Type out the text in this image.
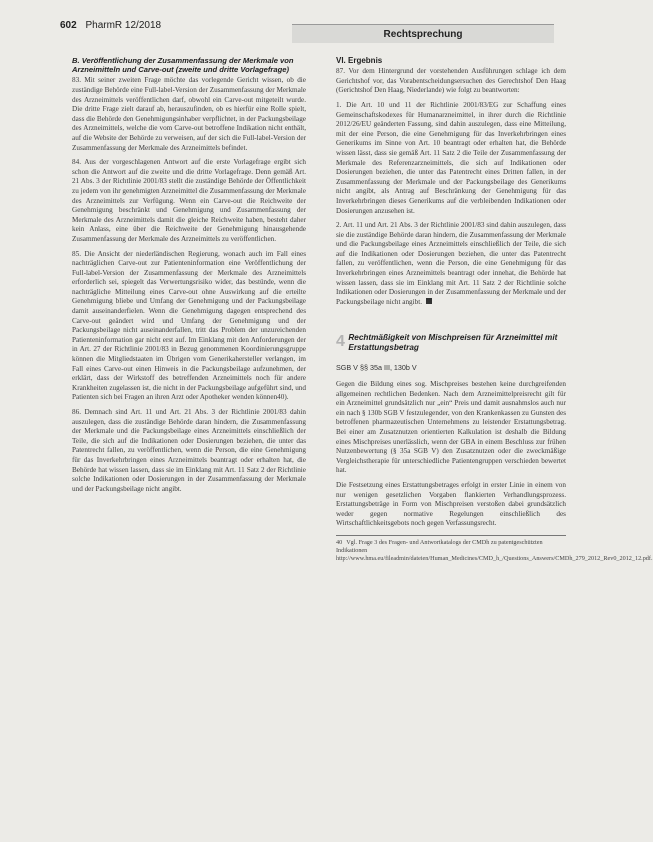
602 PharmR 12/2018
Rechtsprechung
B. Veröffentlichung der Zusammenfassung der Merkmale von Arzneimitteln und Carve-out (zweite und dritte Vorlagefrage)

83. Mit seiner zweiten Frage möchte das vorlegende Gericht wissen, ob die zuständige Behörde eine Full-label-Version der Zusammenfassung der Merkmale des Arzneimittels veröffentlichen darf, obwohl ein Carve-out mitgeteilt wurde. Die dritte Frage zielt darauf ab, herauszufinden, ob es hierfür eine Rolle spielt, dass die Behörde den Genehmigungsinhaber verpflichtet, in der Packungsbeilage des Arzneimittels, welche die vom Carve-out betroffene Indikation nicht enthält, auf die Website der Behörde zu verweisen, auf der sich die Full-label-Version der Zusammenfassung der Merkmale des Arzneimittels befindet.

84. Aus der vorgeschlagenen Antwort auf die erste Vorlagefrage ergibt sich schon die Antwort auf die zweite und die dritte Vorlagefrage. Denn gemäß Art. 21 Abs. 3 der Richtlinie 2001/83 stellt die zuständige Behörde der Öffentlichkeit zu jedem von ihr genehmigten Arzneimittel die Zusammenfassung der Merkmale des Arzneimittels zur Verfügung. Wenn ein Carve-out die Reichweite der Genehmigung beschränkt und Genehmigung und Zusammenfassung der Merkmale des Arzneimittels damit die gleiche Reichweite haben, besteht daher kein Anlass, eine über die Reichweite der Genehmigung hinausgehende Zusammenfassung der Merkmale des Arzneimittels zu veröffentlichen.

85. Die Ansicht der niederländischen Regierung, wonach auch im Fall eines nachträglichen Carve-out zur Patienteninformation eine Veröffentlichung der Full-label-Version der Zusammenfassung der Merkmale des Arzneimittels erforderlich sei, spiegelt das Verwertungsrisiko wider, das bestünde, wenn die nachträgliche Mitteilung eines Carve-out ohne Auswirkung auf die erteilte Genehmigung bliebe und Umfang der Genehmigung und der Packungsbeilage damit auseinanderfielen. Wenn die Genehmigung dagegen entsprechend des Carve-out geändert wird und Umfang der Genehmigung und der Packungsbeilage nicht auseinanderfallen, tritt das Problem der unzureichenden Patienteninformation gar nicht erst auf. Im Einklang mit den Anforderungen der in Art. 27 der Richtlinie 2001/83 in Bezug genommenen Koordinierungsgruppe können die Mitgliedstaaten im Übrigen vom Generikahersteller verlangen, im Fall eines Carve-out einen Hinweis in die Packungsbeilage aufzunehmen, der erklärt, dass der Wirkstoff des betreffenden Arzneimittels noch für andere Krankheiten zugelassen ist, die nicht in der Packungsbeilage aufgeführt sind, und Patienten sich bei Fragen an ihren Arzt oder Apotheker wenden können40).

86. Demnach sind Art. 11 und Art. 21 Abs. 3 der Richtlinie 2001/83 dahin auszulegen, dass die zuständige Behörde daran hindern, die Zusammenfassung der Merkmale und die Packungsbeilage eines Arzneimittels einschließlich der Teile, die sich auf die Indikationen oder Dosierungen beziehen, die unter das Patentrecht fallen, zu veröffentlichen, wenn die Person, die eine Genehmigung für das Inverkehrbringen eines Arzneimittels beantragt oder erhalten hat, die Behörde hat wissen lassen, dass sie im Einklang mit Art. 11 Satz 2 der Richtlinie solche Indikationen oder Dosierungen in der Zusammenfassung der Merkmale und der Packungsbeilage nicht angibt.

VI. Ergebnis

87. Vor dem Hintergrund der vorstehenden Ausführungen schlage ich dem Gerichtshof vor, das Vorabentscheidungsersuchen des Gerechtshof Den Haag (Gerichtshof Den Haag, Niederlande) wie folgt zu beantworten:

1. Die Art. 10 und 11 der Richtlinie 2001/83/EG zur Schaffung eines Gemeinschaftskodexes für Humanarzneimittel, in ihrer durch die Richtlinie 2012/26/EU geänderten Fassung, sind dahin auszulegen, dass eine Mitteilung, mit der eine Person, die eine Genehmigung für das Inverkehrbringen eines Generikums im Sinne von Art. 10 beantragt oder erhalten hat, die Behörde wissen lässt, dass sie gemäß Art. 11 Satz 2 die Teile der Zusammenfassung der Merkmale des Referenzarzneimittels, die sich auf Indikationen oder Dosierungen beziehen, die unter das Patentrecht eines Dritten fallen, in der Zusammenfassung der Merkmale und der Packungsbeilage des Generikums nicht angibt, als Antrag auf Beschränkung der Genehmigung für das Inverkehrbringen dieses Generikums auf die verbleibenden Indikationen oder Dosierungen anzusehen ist.

2. Art. 11 und Art. 21 Abs. 3 der Richtlinie 2001/83 sind dahin auszulegen, dass sie die zuständige Behörde daran hindern, die Zusammenfassung der Merkmale und die Packungsbeilage eines Arzneimittels einschließlich der Teile, die sich auf die Indikationen oder Dosierungen beziehen, die unter das Patentrecht fallen, zu veröffentlichen, wenn die Person, die eine Genehmigung für das Inverkehrbringen eines Arzneimittels beantragt oder innehat, die Behörde hat wissen lassen, dass sie im Einklang mit Art. 11 Satz 2 der Richtlinie solche Indikationen oder Dosierungen in der Zusammenfassung der Merkmale und der Packungsbeilage nicht angibt.

4 Rechtmäßigkeit von Mischpreisen für Arzneimittel mit Erstattungsbetrag
SGB V §§ 35a III, 130b V

Gegen die Bildung eines sog. Mischpreises bestehen keine durchgreifenden allgemeinen rechtlichen Bedenken. Nach dem Arzneimittelpreisrecht gilt für ein Arzneimittel grundsätzlich nur „ein“ Preis und damit ausnahmslos auch nur ein nach § 130b SGB V festzulegender, von den Krankenkassen zu Gunsten des betroffenen pharmazeutischen Unternehmens zu leistender Erstattungsbetrag. Bei einer am Zusatznutzen orientierten Kalkulation ist deshalb die Bildung eines Mischpreises unerlässlich, wenn der GBA in einem Beschluss zur frühen Nutzenbewertung (§ 35a SGB V) den Zusatznutzen oder die zweckmäßige Vergleichstherapie für unterschiedliche Patientengruppen verschieden bewertet hat.

Die Festsetzung eines Erstattungsbetrages erfolgt in erster Linie in einem von nur wenigen gesetzlichen Vorgaben flankierten Verhandlungsprozess. Erstattungsbeträge in Form von Mischpreisen verstoßen dabei grundsätzlich weder gegen normative Regelungen einschließlich des Wirtschaftlichkeitsgebots noch gegen Verfassungsrecht.

40 Vgl. Frage 3 des Fragen- und Antwortkatalogs der CMDh zu patentgeschützten Indikationen http://www.hma.eu/fileadmin/dateien/Human_Medicines/CMD_h_/Questions_Answers/CMDh_279_2012_Rev0_2012_12.pdf.
